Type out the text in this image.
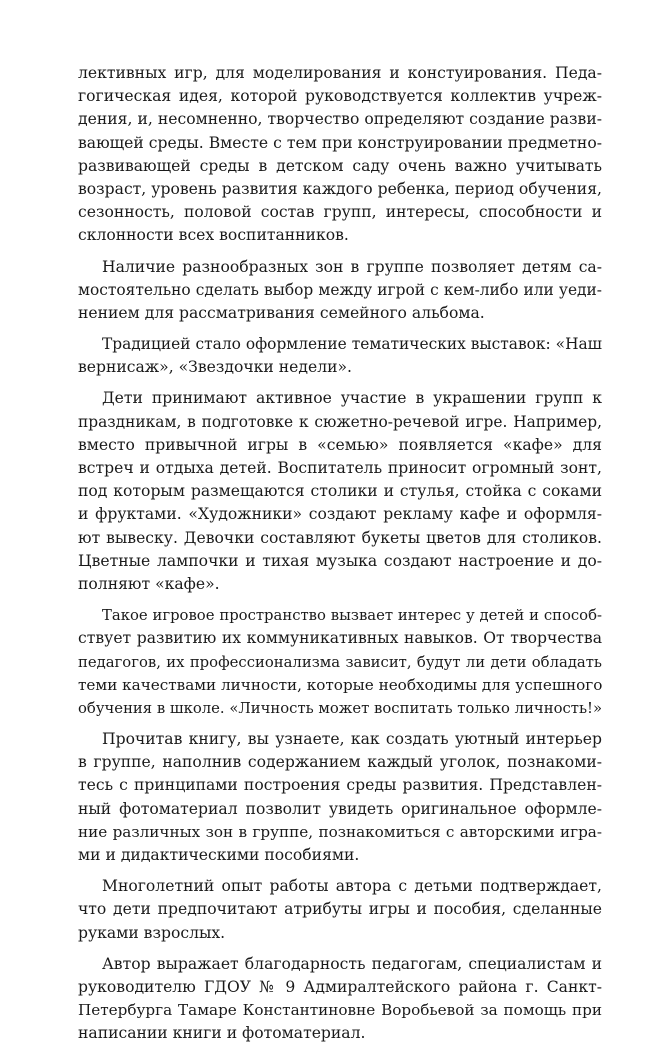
лективных игр, для моделирования и констуирования. Педа-
гогическая идея, которой руководствуется коллектив учреж-
дения, и, несомненно, творчество определяют создание разви-
вающей среды. Вместе с тем при конструировании предметно-
развивающей среды в детском саду очень важно учитывать
возраст, уровень развития каждого ребенка, период обучения,
сезонность, половой состав групп, интересы, способности и
склонности всех воспитанников.
Наличие разнообразных зон в группе позволяет детям са-
мостоятельно сделать выбор между игрой с кем-либо или уеди-
нением для рассматривания семейного альбома.
Традицией стало оформление тематических выставок: «Наш
вернисаж», «Звездочки недели».
Дети принимают активное участие в украшении групп к
праздникам, в подготовке к сюжетно-речевой игре. Например,
вместо привычной игры в «семью» появляется «кафе» для
встреч и отдыха детей. Воспитатель приносит огромный зонт,
под которым размещаются столики и стулья, стойка с соками
и фруктами. «Художники» создают рекламу кафе и оформля-
ют вывеску. Девочки составляют букеты цветов для столиков.
Цветные лампочки и тихая музыка создают настроение и до-
полняют «кафе».
Такое игровое пространство вызвает интерес у детей и способ-
ствует развитию их коммуникативных навыков. От творчества
педагогов, их профессионализма зависит, будут ли дети обладать
теми качествами личности, которые необходимы для успешного
обучения в школе. «Личность может воспитать только личность!»
Прочитав книгу, вы узнаете, как создать уютный интерьер
в группе, наполнив содержанием каждый уголок, познакоми-
тесь с принципами построения среды развития. Представлен-
ный фотоматериал позволит увидеть оригинальное оформле-
ние различных зон в группе, познакомиться с авторскими игра-
ми и дидактическими пособиями.
Многолетний опыт работы автора с детьми подтверждает,
что дети предпочитают атрибуты игры и пособия, сделанные
руками взрослых.
Автор выражает благодарность педагогам, специалистам и
руководителю ГДОУ № 9 Адмиралтейского района г. Санкт-
Петербурга Тамаре Константиновне Воробьевой за помощь при
написании книги и фотоматериал.
